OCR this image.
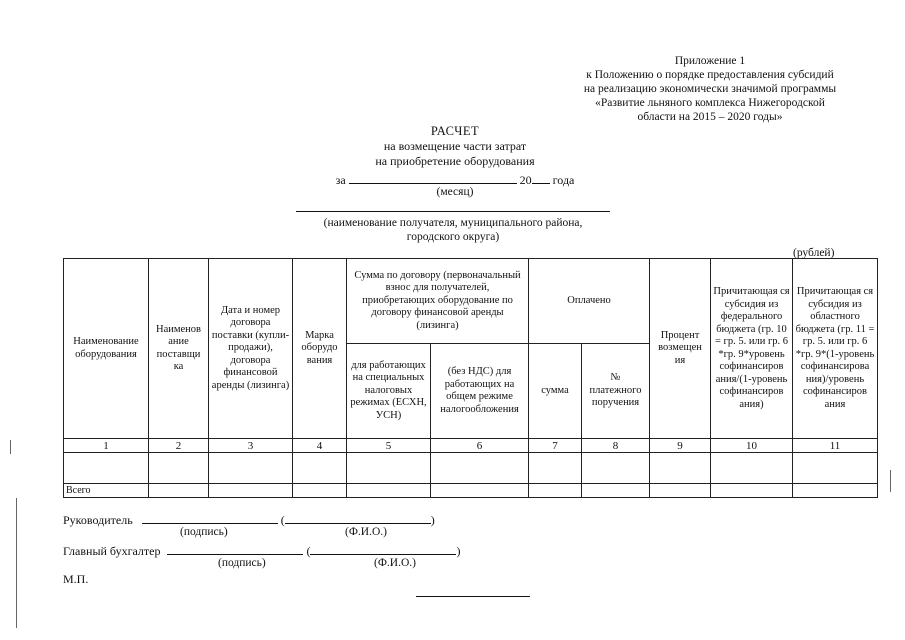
Приложение 1
к Положению о порядке предоставления субсидий
на реализацию экономически значимой программы
«Развитие льняного комплекса Нижегородской
области на 2015 – 2020 годы»
РАСЧЕТ
на возмещение части затрат
на приобретение оборудования
за	20 года
(месяц)
(наименование получателя, муниципального района,
городского округа)
(рублей)
Наименование оборудования	Наименов ание поставщи ка	Дата и номер договора поставки (купли-продажи), договора финансовой аренды (лизинга)	Марка оборудо вания	Сумма по договору (первоначальный взнос для получателей, приобретающих оборудование по договору финансовой аренды (лизинга)		Оплачено		Процент возмещен ия	Причитающая ся субсидия из федерального бюджета (гр. 10 = гр. 5. или гр. 6 *гр. 9*уровень софинансиров ания/(1-уровень софинансиров ания)	Причитающая ся субсидия из областного бюджета (гр. 11 = гр. 5. или гр. 6 *гр. 9*(1-уровень софинансирова ния)/уровень софинансиров ания
				для работающих на специальных налоговых режимах (ЕСХН, УСН)	(без НДС) для работающих на общем режиме налогообложения	сумма	№ платежного поручения			
1	2	3	4	5	6	7	8	9	10	11

Всего										
Руководитель	(	)
(подпись)	(Ф.И.О.)
Главный бухгалтер	(	)
(подпись)	(Ф.И.О.)
М.П.
